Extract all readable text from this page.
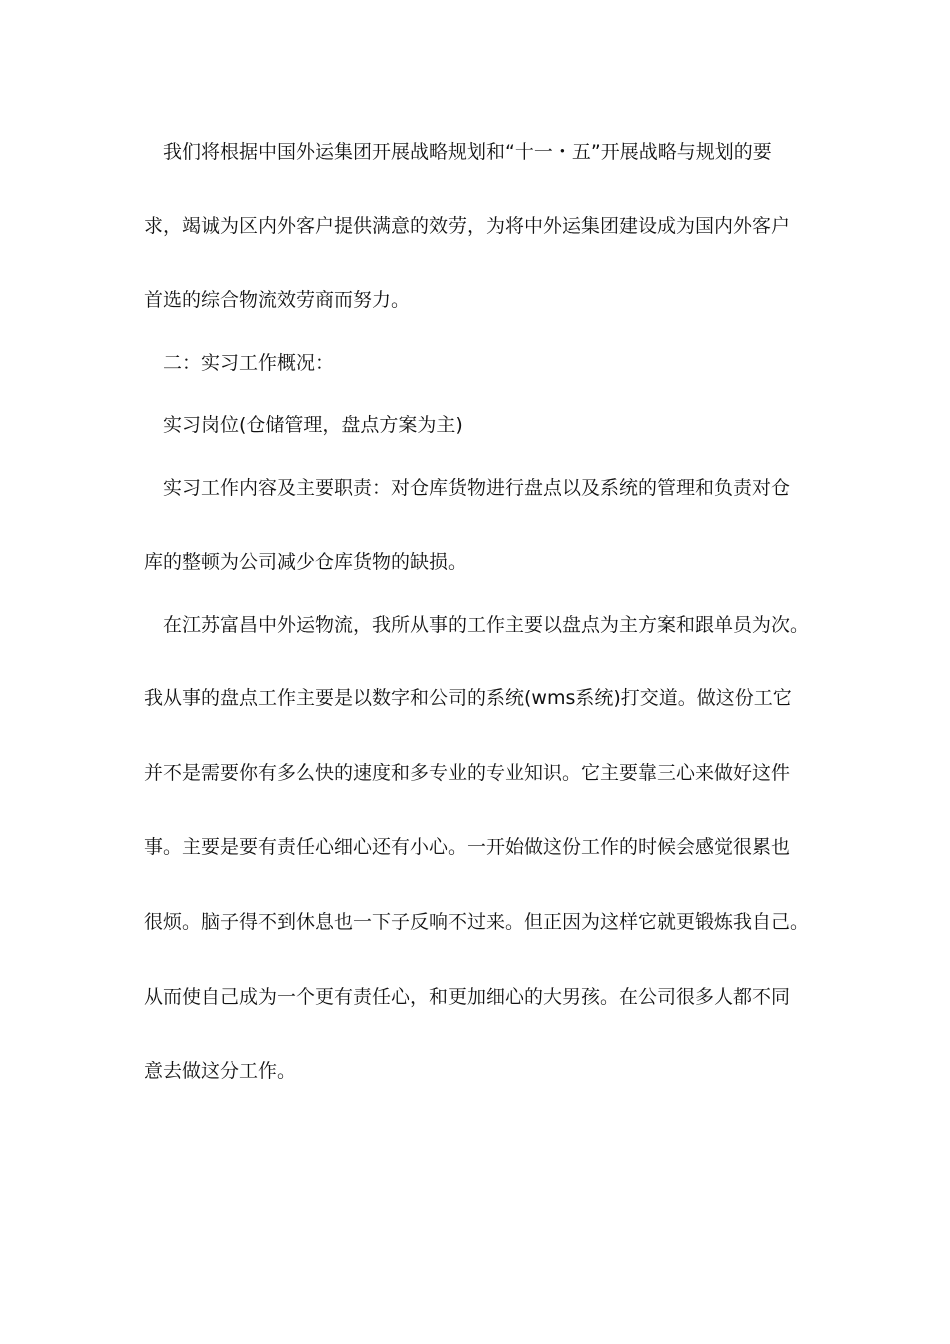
我们将根据中国外运集团开展战略规划和“十一・五”开展战略与规划的要
求，竭诚为区内外客户提供满意的效劳，为将中外运集团建设成为国内外客户
首选的综合物流效劳商而努力。
二：实习工作概况：
实习岗位(仓储管理，盘点方案为主)
实习工作内容及主要职责：对仓库货物进行盘点以及系统的管理和负责对仓
库的整顿为公司减少仓库货物的缺损。
在江苏富昌中外运物流，我所从事的工作主要以盘点为主方案和跟单员为次。
我从事的盘点工作主要是以数字和公司的系统(wms系统)打交道。做这份工它
并不是需要你有多么快的速度和多专业的专业知识。它主要靠三心来做好这件
事。主要是要有责任心细心还有小心。一开始做这份工作的时候会感觉很累也
很烦。脑子得不到休息也一下子反响不过来。但正因为这样它就更锻炼我自己。
从而使自己成为一个更有责任心，和更加细心的大男孩。在公司很多人都不同
意去做这分工作。
